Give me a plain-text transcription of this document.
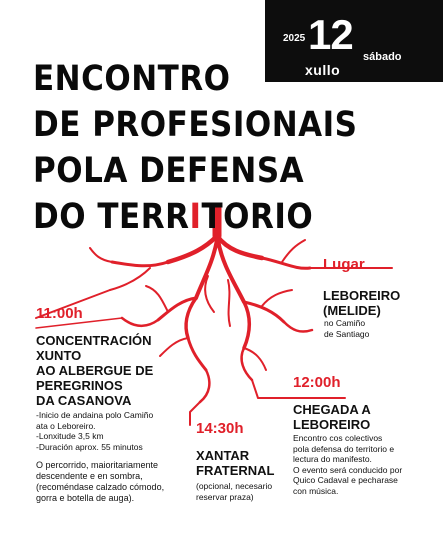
2025 12 sábado
xullo
ENCONTRO
DE PROFESIONAIS
POLA DEFENSA
DO TERRITORIO
Lugar

LEBOREIRO
(MELIDE)

no Camiño
de Santiago

11:00h

CONCENTRACIÓN
XUNTO
AO ALBERGUE DE
PEREGRINOS
DA CASANOVA

-Inicio de andaina polo Camiño
ata o Leboreiro.
-Lonxitude 3,5 km
-Duración aprox. 55 minutos

O percorrido, maioritariamente
descendente e en sombra,
(recoméndase calzado cómodo,
gorra e botella de auga).

12:00h

CHEGADA A
LEBOREIRO

Encontro cos colectivos
pola defensa do territorio e
lectura do manifesto.
O evento será conducido por
Quico Cadaval e pecharase
con música.

14:30h

XANTAR
FRATERNAL

(opcional, necesario
reservar praza)
